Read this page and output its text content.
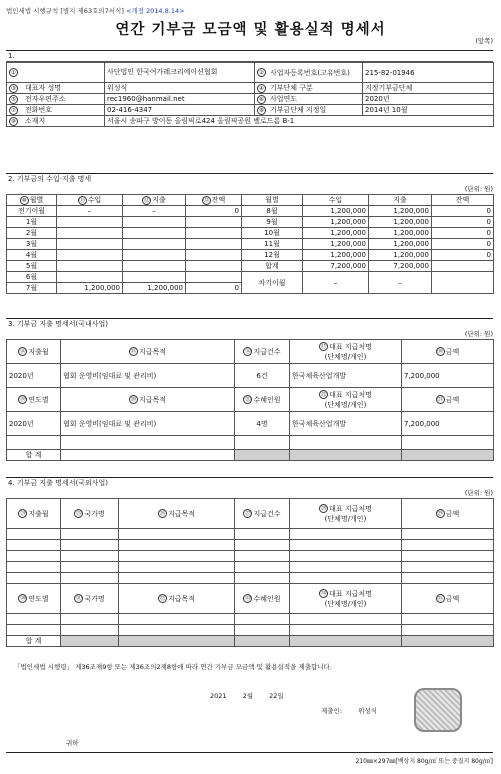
법인세법 시행규칙 [별지 제63호의7서식] <개정 2014.8.14>
연간 기부금 모금액 및 활용실적 명세서
(앞쪽)
1.
①	사단법인 한국여가레크리에이션협회	② 사업자등록번호(고유번호)	215-82-01946
③ 대표자 성명	위성식	④ 기부단체 구분	지정기부금단체
⑤ 전자우편주소	rec1960@hanmail.net	⑥ 사업연도	2020년
⑦ 전화번호	02-416-4347	⑧ 기부금단체 지정일	2014년 10월
⑨ 소재지	서울시 송파구 방이동 올림픽로424 올림픽공원 벨로드롬 B-1		
2. 기부금의 수입·지출 명세
(단위: 원)
⑩ 월별	⑪ 수입	⑫ 지출	⑬ 잔액	월별	수입	지출	잔액
전기이월	–	–	0	8월	1,200,000	1,200,000	0
1월				9월	1,200,000	1,200,000	0
2월				10월	1,200,000	1,200,000	0
3월				11월	1,200,000	1,200,000	0
4월				12월	1,200,000	1,200,000	0
5월				합계	7,200,000	7,200,000	
6월				차기이월	–	–	
7월	1,200,000	1,200,000	0				
3. 기부금 지출 명세서(국내사업)
(단위: 원)
⑭ 지출월	⑮ 지급목적	⑯ 지급건수	⑰ 대표 지급처명
(단체명/개인)	⑱ 금액
2020년	협회 운영비(임대료 및 관리비)	6건	한국체육산업개발	7,200,000
⑲ 연도별	⑳ 지급목적	㉑ 수혜인원	㉒ 대표 지급처명
(단체명/개인)	㉓ 금액
2020년	협회 운영비(임대료 및 관리비)	4명	한국체육산업개발	7,200,000

합 계				
4. 기부금 지출 명세서(국외사업)
(단위: 원)
㉔ 지출월	㉕ 국가명	㉖ 지급목적	㉗ 지급건수	㉘ 대표 지급처명
(단체명/개인)	㉙ 금액

㉚ 연도별	㉛ 국가명	㉜ 지급목적	㉝ 수혜인원	㉞ 대표 지급처명
(단체명/개인)	㉟ 금액

합 계					
「법인세법 시행령」 제36조제9항 또는 제36조의2제8항에 따라 연간 기부금 모금액 및 활용실적을 제출합니다.
2021 2월 22일
제출인: 위성식
귀하
210㎜×297㎜[백상지 80g/㎡ 또는 중질지 80g/㎡]
